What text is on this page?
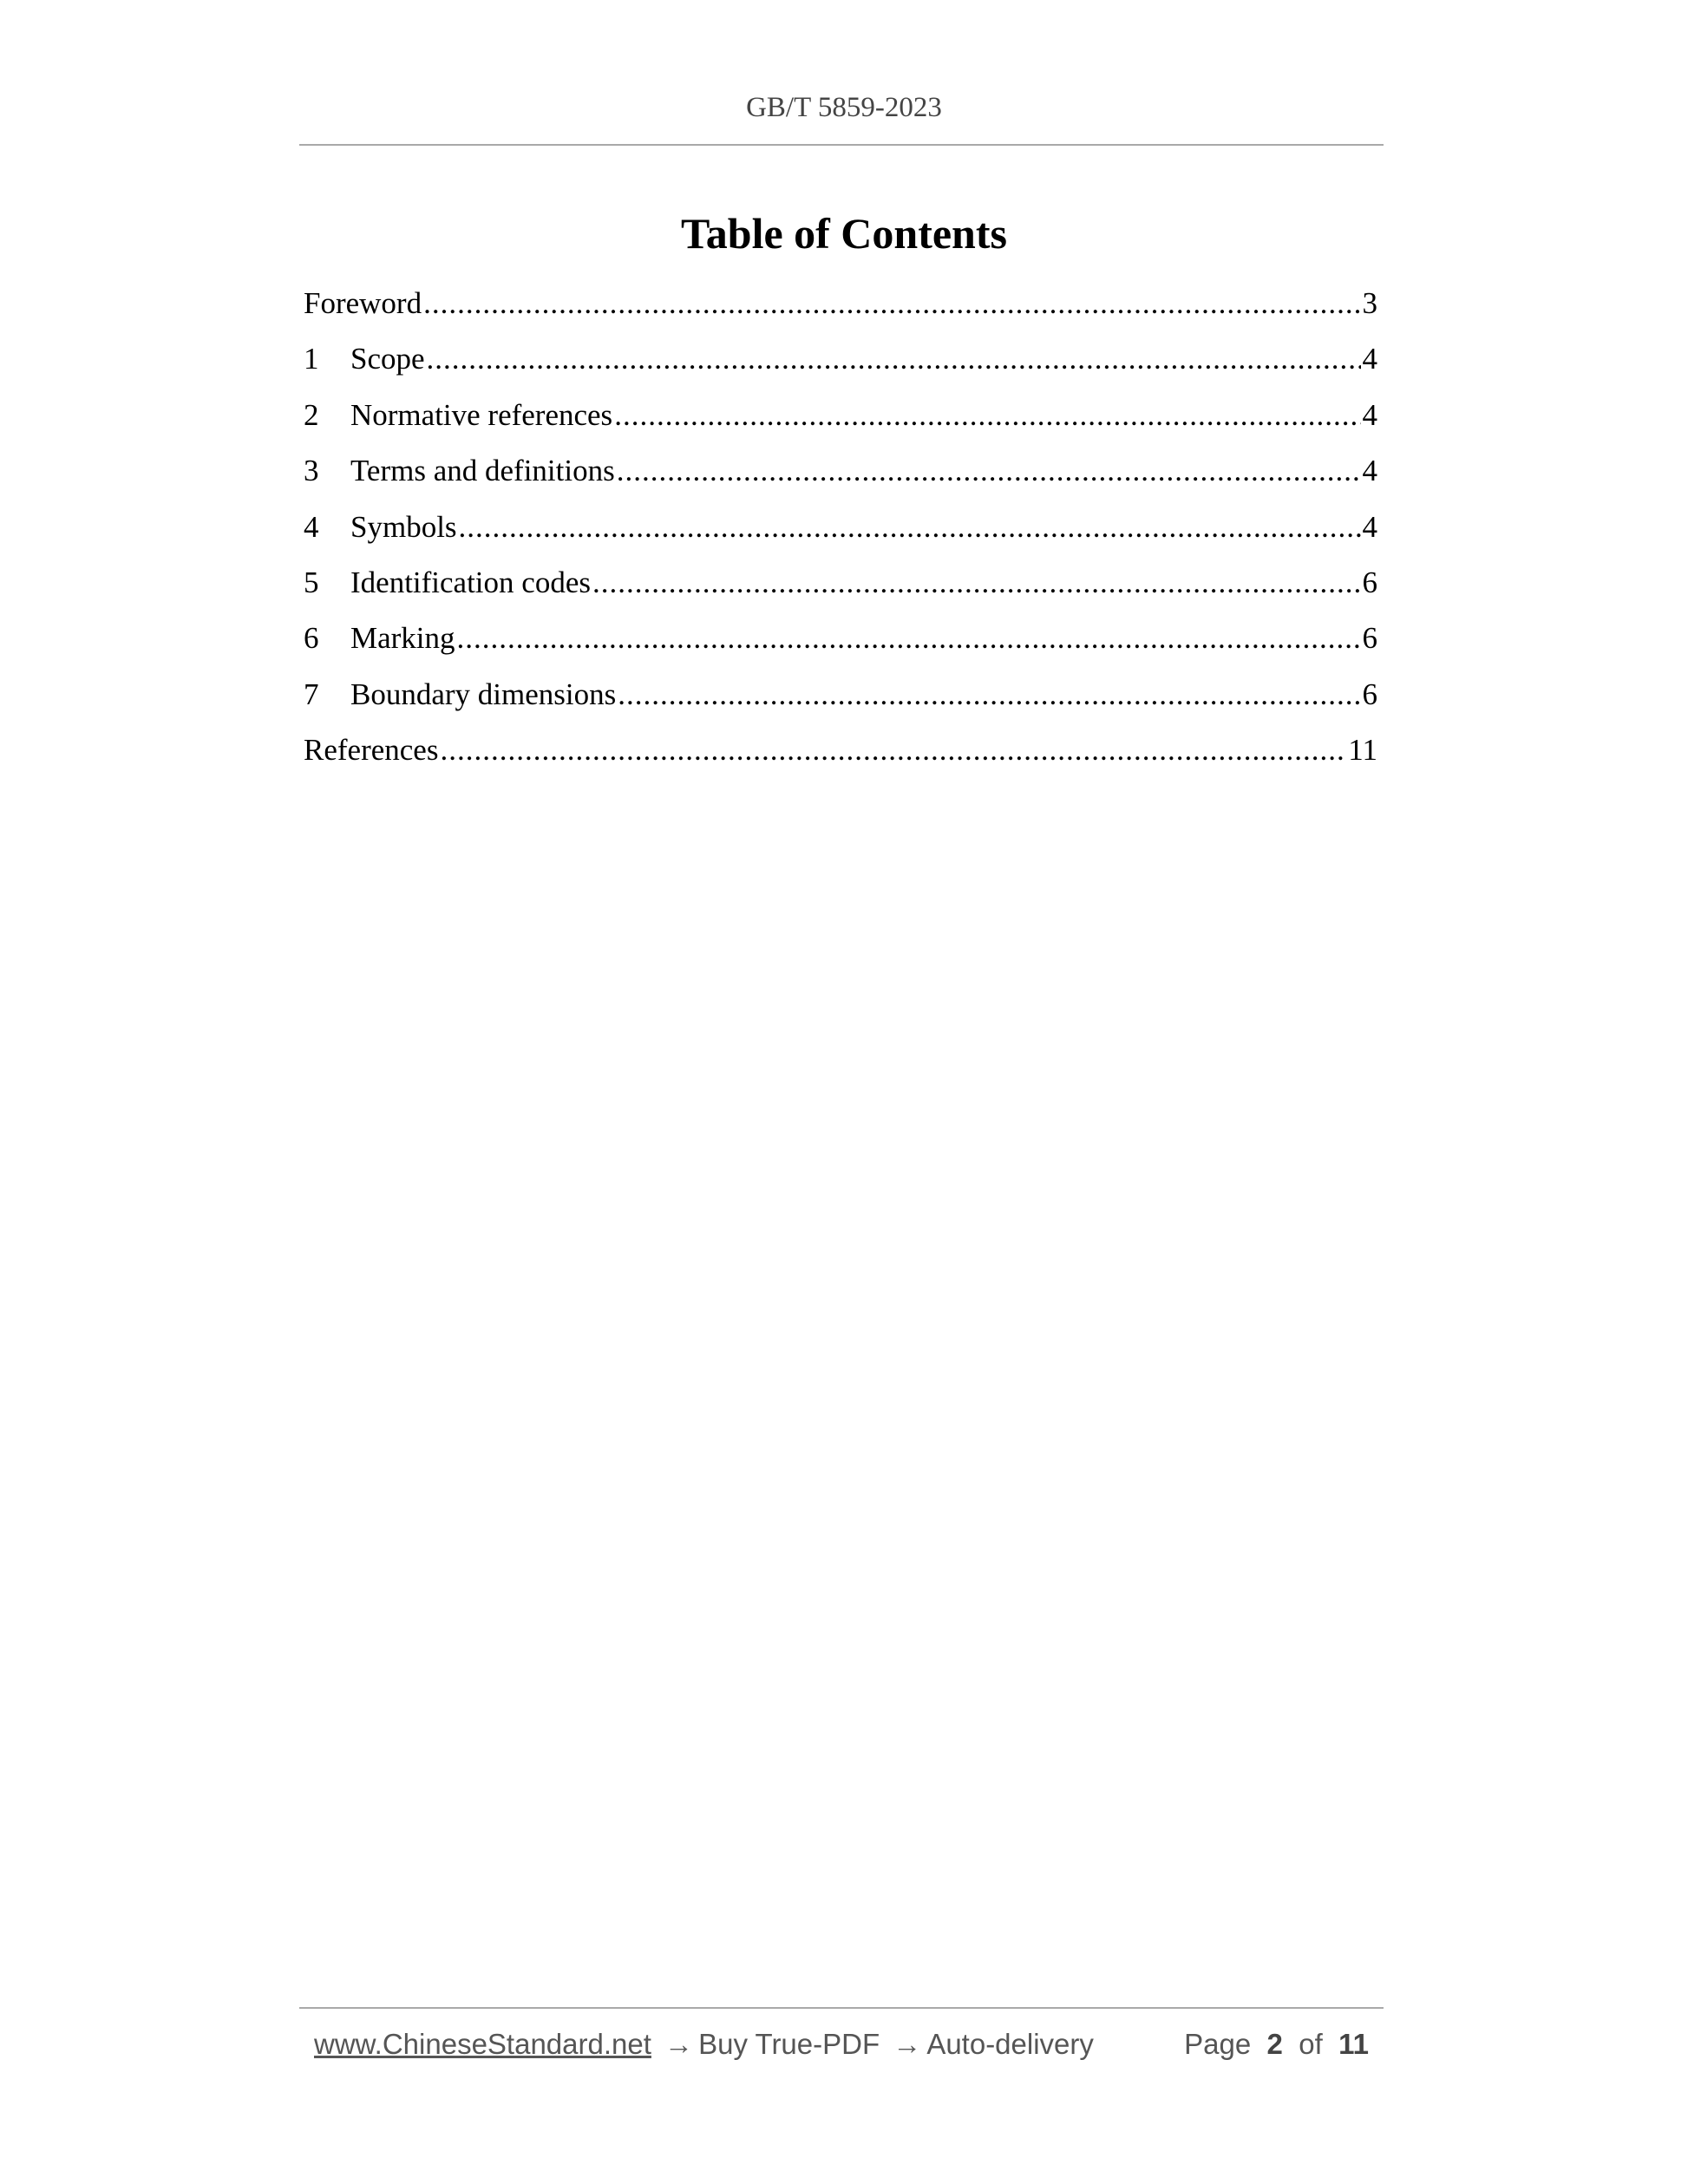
GB/T 5859-2023
Table of Contents
Foreword .....	3
1	Scope .....	4
2	Normative references .....	4
3	Terms and definitions .....	4
4	Symbols .....	4
5	Identification codes .....	6
6	Marking .....	6
7	Boundary dimensions .....	6
References .....	11
www.ChineseStandard.net → Buy True-PDF → Auto-delivery	Page 2 of 11
